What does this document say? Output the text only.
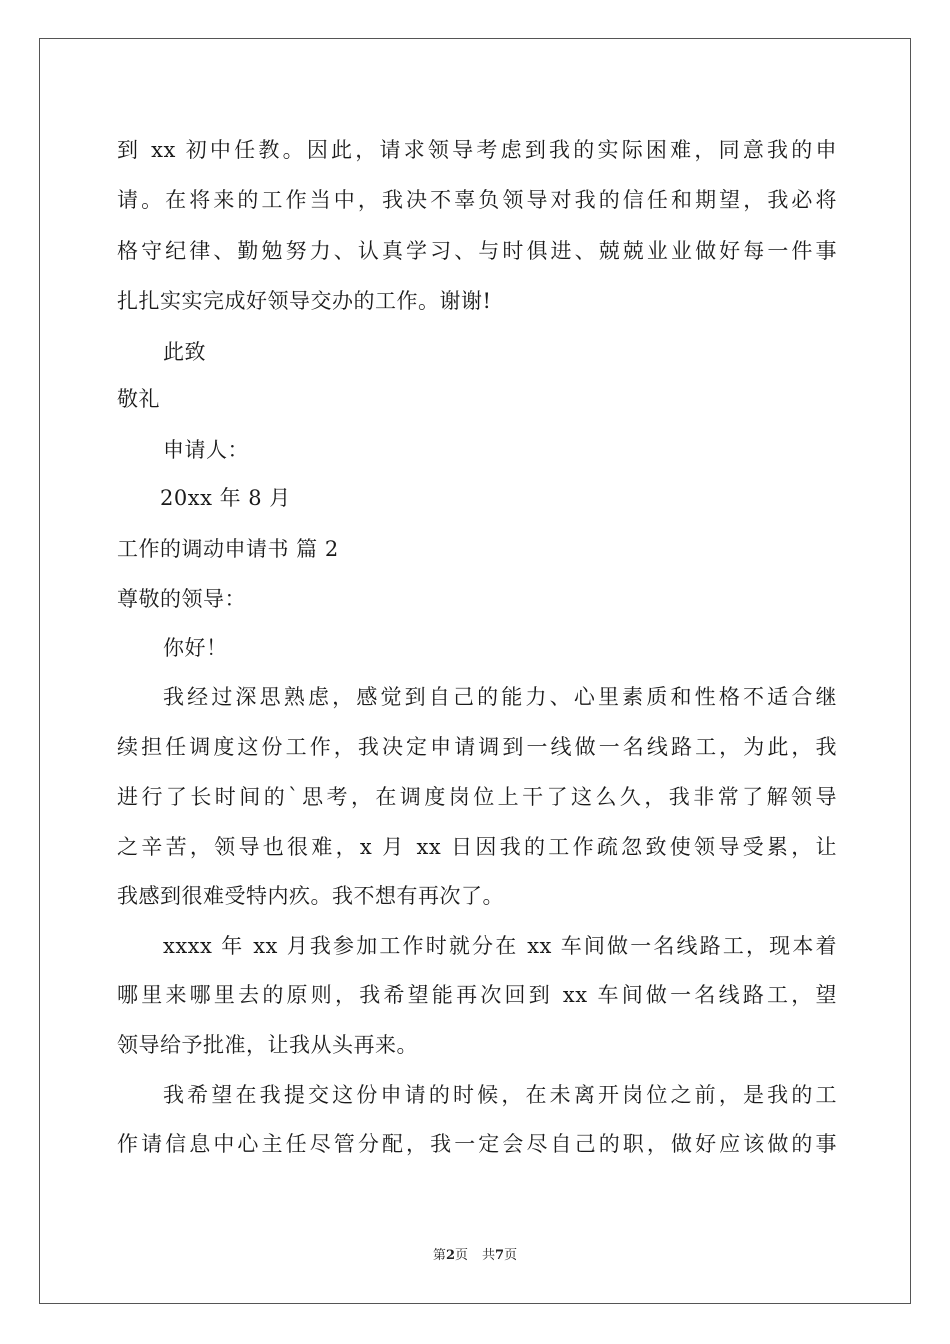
到 xx 初中任教。因此，请求领导考虑到我的实际困难，同意我的申
请。在将来的工作当中，我决不辜负领导对我的信任和期望，我必将
格守纪律、勤勉努力、认真学习、与时俱进、兢兢业业做好每一件事
扎扎实实完成好领导交办的工作。谢谢!
此致
敬礼
申请人：
20xx 年 8 月
工作的调动申请书 篇 2
尊敬的领导：
你好！
我经过深思熟虑，感觉到自己的能力、心里素质和性格不适合继
续担任调度这份工作，我决定申请调到一线做一名线路工，为此，我
进行了长时间的`思考，在调度岗位上干了这么久，我非常了解领导
之辛苦，领导也很难，x 月 xx 日因我的工作疏忽致使领导受累，让
我感到很难受特内疚。我不想有再次了。
xxxx 年 xx 月我参加工作时就分在 xx 车间做一名线路工，现本着
哪里来哪里去的原则，我希望能再次回到 xx 车间做一名线路工，望
领导给予批准，让我从头再来。
我希望在我提交这份申请的时候，在未离开岗位之前，是我的工
作请信息中心主任尽管分配，我一定会尽自己的职，做好应该做的事
第2页 共7页
